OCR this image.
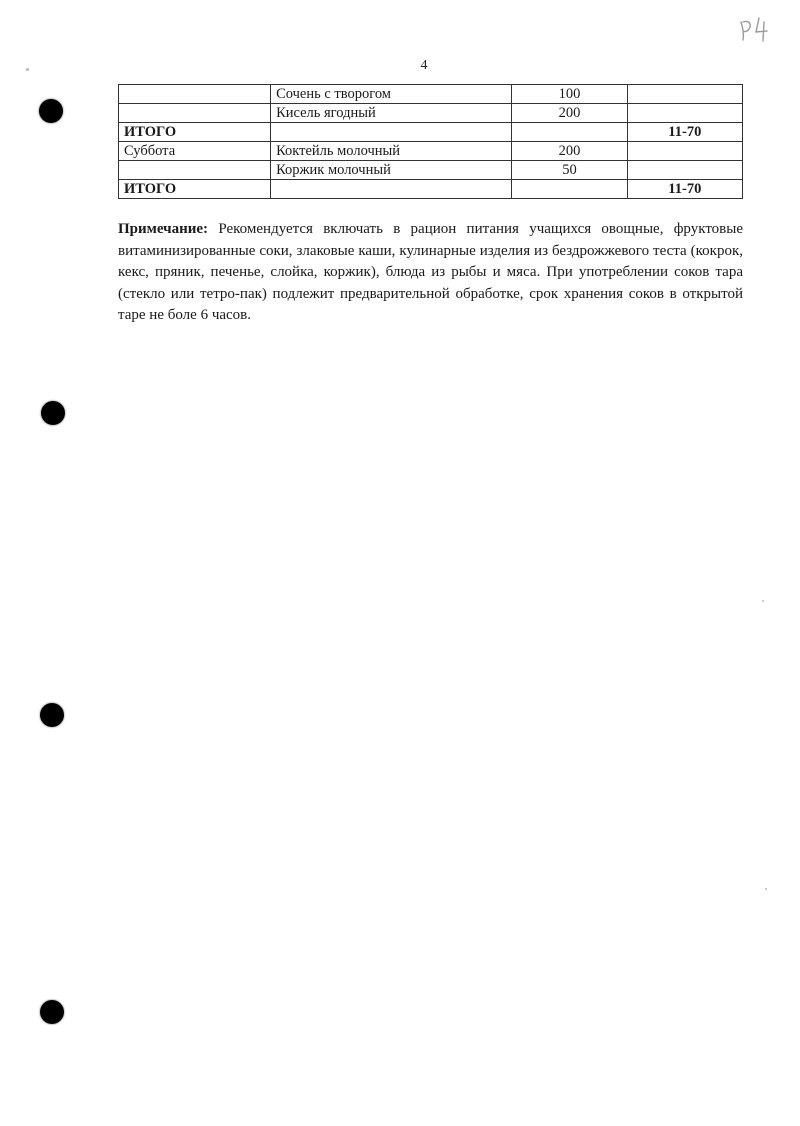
4
	Сочень с творогом	100	
	Кисель ягодный	200	
ИТОГО			11-70
Суббота	Коктейль молочный	200	
	Коржик молочный	50	
ИТОГО			11-70
Примечание: Рекомендуется включать в рацион питания учащихся овощные, фруктовые витаминизированные соки, злаковые каши, кулинарные изделия из бездрожжевого теста (кокрок, кекс, пряник, печенье, слойка, коржик), блюда из рыбы и мяса. При употреблении соков тара (стекло или тетро-пак) подлежит предварительной обработке, срок хранения соков в открытой таре не боле 6 часов.
